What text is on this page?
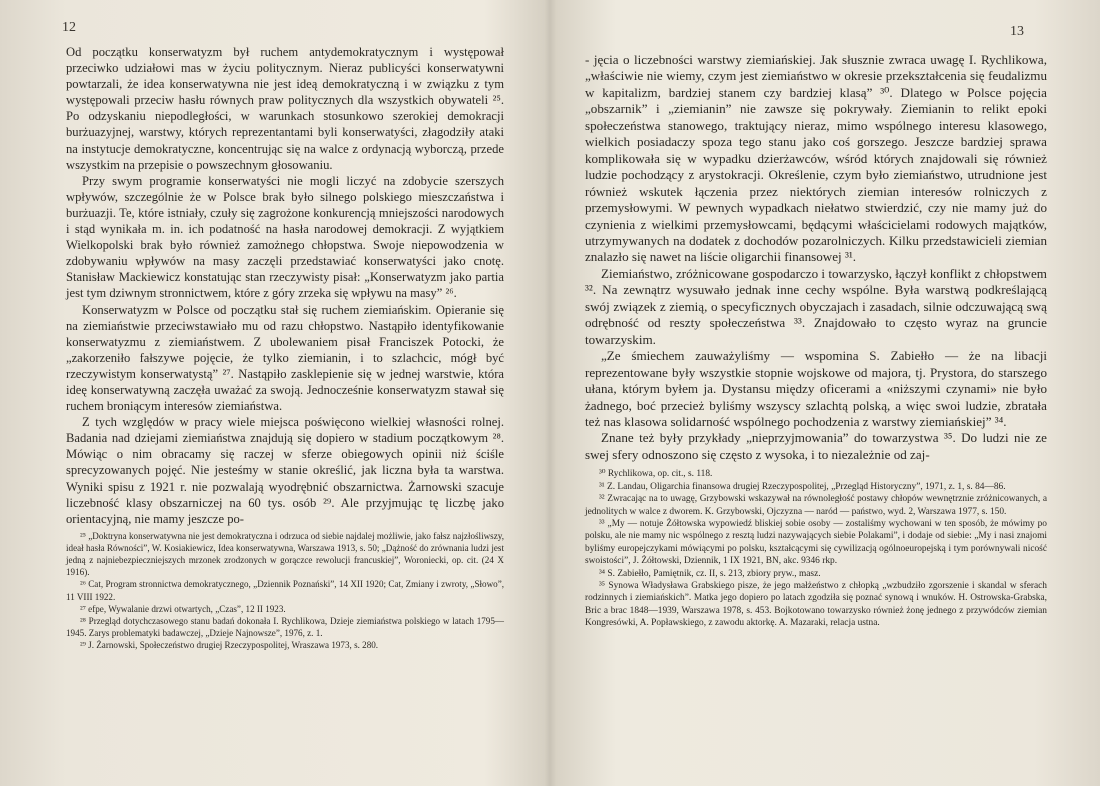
12

Od początku konserwatyzm był ruchem antydemokratycznym i występował przeciwko udziałowi mas w życiu politycznym. Nieraz publicyści konserwatywni powtarzali, że idea konserwatywna nie jest ideą demokratyczną i w związku z tym występowali przeciw hasłu równych praw politycznych dla wszystkich obywateli ²⁵. Po odzyskaniu niepodległości, w warunkach stosunkowo szerokiej demokracji burżuazyjnej, warstwy, których reprezentantami byli konserwatyści, złagodziły ataki na instytucje demokratyczne, koncentrując się na walce z ordynacją wyborczą, przede wszystkim na przepisie o powszechnym głosowaniu.

Przy swym programie konserwatyści nie mogli liczyć na zdobycie szerszych wpływów, szczególnie że w Polsce brak było silnego polskiego mieszczaństwa i burżuazji. Te, które istniały, czuły się zagrożone konkurencją mniejszości narodowych i stąd wynikała m. in. ich podatność na hasła narodowej demokracji. Z wyjątkiem Wielkopolski brak było również zamożnego chłopstwa. Swoje niepowodzenia w zdobywaniu wpływów na masy zaczęli przedstawiać konserwatyści jako cnotę. Stanisław Mackiewicz konstatując stan rzeczywisty pisał: „Konserwatyzm jako partia jest tym dziwnym stronnictwem, które z góry zrzeka się wpływu na masy” ²⁶.

Konserwatyzm w Polsce od początku stał się ruchem ziemiańskim. Opieranie się na ziemiaństwie przeciwstawiało mu od razu chłopstwo. Nastąpiło identyfikowanie konserwatyzmu z ziemiaństwem. Z ubolewaniem pisał Franciszek Potocki, że „zakorzeniło fałszywe pojęcie, że tylko ziemianin, i to szlachcic, mógł być rzeczywistym konserwatystą” ²⁷. Nastąpiło zasklepienie się w jednej warstwie, która ideę konserwatywną zaczęła uważać za swoją. Jednocześnie konserwatyzm stawał się ruchem broniącym interesów ziemiaństwa.

Z tych względów w pracy wiele miejsca poświęcono wielkiej własności rolnej. Badania nad dziejami ziemiaństwa znajdują się dopiero w stadium początkowym ²⁸. Mówiąc o nim obracamy się raczej w sferze obiegowych opinii niż ściśle sprecyzowanych pojęć. Nie jesteśmy w stanie określić, jak liczna była ta warstwa. Wyniki spisu z 1921 r. nie pozwalają wyodrębnić obszarnictwa. Żarnowski szacuje liczebność klasy obszarniczej na 60 tys. osób ²⁹. Ale przyjmując tę liczbę jako orientacyjną, nie mamy jeszcze po-

²⁵ „Doktryna konserwatywna nie jest demokratyczna i odrzuca od siebie najdalej możliwie, jako fałsz najzłośliwszy, ideał hasła Równości”, W. Kosiakiewicz, Idea konserwatywna, Warszawa 1913, s. 50; „Dążność do zrównania ludzi jest jedną z najniebezpieczniejszych mrzonek zrodzonych w gorączce rewolucji francuskiej”, Woroniecki, op. cit. (24 X 1916).

²⁶ Cat, Program stronnictwa demokratycznego, „Dziennik Poznański”, 14 XII 1920; Cat, Zmiany i zwroty, „Słowo”, 11 VIII 1922.

²⁷ efpe, Wywalanie drzwi otwartych, „Czas”, 12 II 1923.

²⁸ Przegląd dotychczasowego stanu badań dokonała I. Rychlikowa, Dzieje ziemiaństwa polskiego w latach 1795—1945. Zarys problematyki badawczej, „Dzieje Najnowsze”, 1976, z. 1.

²⁹ J. Żarnowski, Społeczeństwo drugiej Rzeczypospolitej, Wraszawa 1973, s. 280.

13

- jęcia o liczebności warstwy ziemiańskiej. Jak słusznie zwraca uwagę I. Rychlikowa, „właściwie nie wiemy, czym jest ziemiaństwo w okresie przekształcenia się feudalizmu w kapitalizm, bardziej stanem czy bardziej klasą” ³⁰. Dlatego w Polsce pojęcia „obszarnik” i „ziemianin” nie zawsze się pokrywały. Ziemianin to relikt epoki społeczeństwa stanowego, traktujący nieraz, mimo wspólnego interesu klasowego, wielkich posiadaczy spoza tego stanu jako coś gorszego. Jeszcze bardziej sprawa komplikowała się w wypadku dzierżawców, wśród których znajdowali się również ludzie pochodzący z arystokracji. Określenie, czym było ziemiaństwo, utrudnione jest również wskutek łączenia przez niektórych ziemian interesów rolniczych z przemysłowymi. W pewnych wypadkach niełatwo stwierdzić, czy nie mamy już do czynienia z wielkimi przemysłowcami, będącymi właścicielami rodowych majątków, utrzymywanych na dodatek z dochodów pozarolniczych. Kilku przedstawicieli ziemian znalazło się nawet na liście oligarchii finansowej ³¹.

Ziemiaństwo, zróżnicowane gospodarczo i towarzysko, łączył konflikt z chłopstwem ³². Na zewnątrz wysuwało jednak inne cechy wspólne. Była warstwą podkreślającą swój związek z ziemią, o specyficznych obyczajach i zasadach, silnie odczuwającą swą odrębność od reszty społeczeństwa ³³. Znajdowało to często wyraz na gruncie towarzyskim.

„Ze śmiechem zauważyliśmy — wspomina S. Zabiełło — że na libacji reprezentowane były wszystkie stopnie wojskowe od majora, tj. Prystora, do starszego ułana, którym byłem ja. Dystansu między oficerami a «niższymi czynami» nie było żadnego, boć przecież byliśmy wszyscy szlachtą polską, a więc swoi ludzie, zbratała też nas klasowa solidarność wspólnego pochodzenia z warstwy ziemiańskiej” ³⁴.

Znane też były przykłady „nieprzyjmowania” do towarzystwa ³⁵. Do ludzi nie ze swej sfery odnoszono się często z wysoka, i to niezależnie od zaj-

³⁰ Rychlikowa, op. cit., s. 118.

³¹ Z. Landau, Oligarchia finansowa drugiej Rzeczypospolitej, „Przegląd Historyczny”, 1971, z. 1, s. 84—86.

³² Zwracając na to uwagę, Grzybowski wskazywał na równoległość postawy chłopów wewnętrznie zróżnicowanych, a jednolitych w walce z dworem. K. Grzybowski, Ojczyzna — naród — państwo, wyd. 2, Warszawa 1977, s. 150.

³³ „My — notuje Żółtowska wypowiedź bliskiej sobie osoby — zostaliśmy wychowani w ten sposób, że mówimy po polsku, ale nie mamy nic wspólnego z resztą ludzi nazywających siebie Polakami”, i dodaje od siebie: „My i nasi znajomi byliśmy europejczykami mówiącymi po polsku, kształcącymi się cywilizacją ogólnoeuropejską i tym porównywali nicość swoistości”, J. Żółtowski, Dziennik, 1 IX 1921, BN, akc. 9346 rkp.

³⁴ S. Zabiełło, Pamiętnik, cz. II, s. 213, zbiory pryw., masz.

³⁵ Synowa Władysława Grabskiego pisze, że jego małżeństwo z chłopką „wzbudziło zgorszenie i skandal w sferach rodzinnych i ziemiańskich”. Matka jego dopiero po latach zgodziła się poznać synową i wnuków. H. Ostrowska-Grabska, Bric a brac 1848—1939, Warszawa 1978, s. 453. Bojkotowano towarzysko również żonę jednego z przywódców ziemian Kongresówki, A. Popławskiego, z zawodu aktorkę. A. Mazaraki, relacja ustna.
